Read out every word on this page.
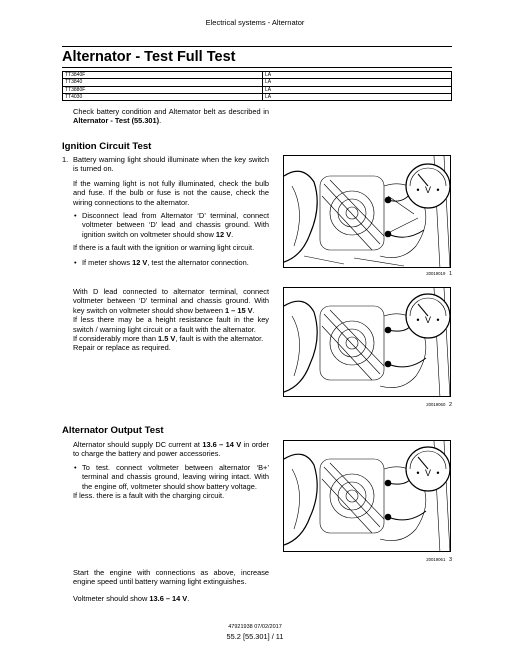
Electrical systems - Alternator
Alternator - Test Full Test
TT3840F	LA
TT3840	LA
TT3880F	LA
TT4030	LA
Check battery condition and Alternator belt as described in Alternator - Test (55.301).
Ignition Circuit Test
1. Battery warning light should illuminate when the key switch is turned on.
If the warning light is not fully illuminated, check the bulb and fuse. If the bulb or fuse is not the cause, check the wiring connections to the alternator.
• Disconnect lead from Alternator ‘D’ terminal, connect voltmeter between ‘D’ lead and chassis ground. With ignition switch on voltmeter should show 12 V.
If there is a fault with the ignition or warning light circuit.
• If meter shows 12 V, test the alternator connection.
With D lead connected to alternator terminal, connect voltmeter between ‘D’ terminal and chassis ground. With key switch on voltmeter should show between 1 – 15 V.
If less there may be a height resistance fault in the key switch / warning light circuit or a fault with the alternator.
If considerably more than 1.5 V, fault is with the alternator.
Repair or replace as required.
Alternator Output Test
Alternator should supply DC current at 13.6 – 14 V in order to charge the battery and power accessories.
• To test. connect voltmeter between alternator ‘B+’ terminal and chassis ground, leaving wiring intact. With the engine off, voltmeter should show battery voltage.
If less. there is a fault with the charging circuit.
Start the engine with connections as above, increase engine speed until battery warning light extinguishes.
Voltmeter should show 13.6 – 14 V.
V
• •
20019019 1
V
• •
20019060 2
V
• •
20019061 3
47921938 07/02/2017
55.2 [55.301] / 11
